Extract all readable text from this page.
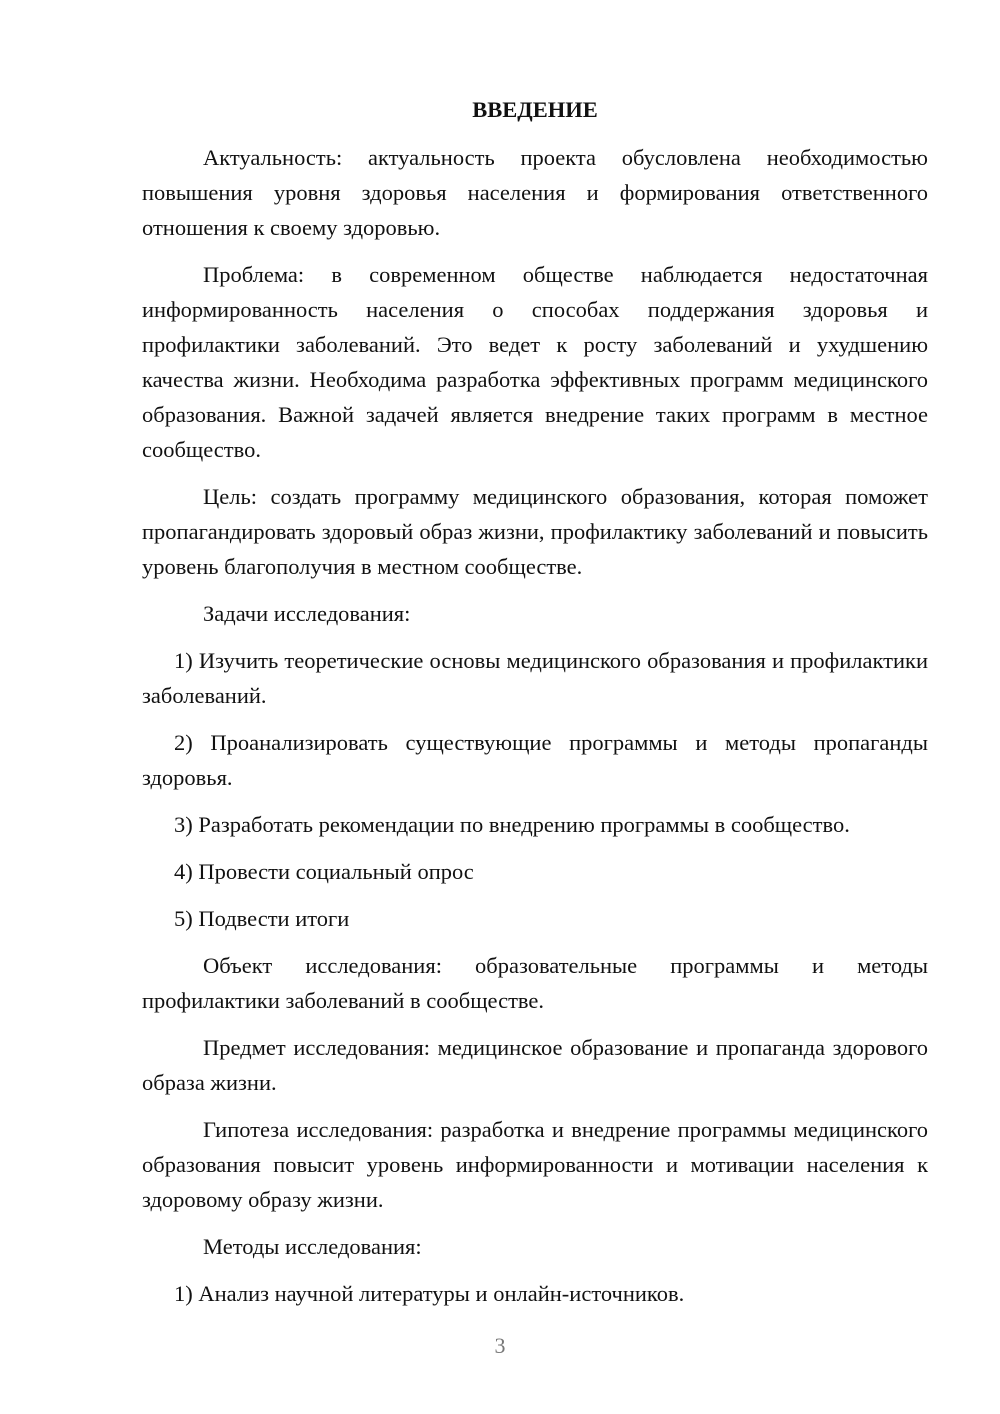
ВВЕДЕНИЕ

Актуальность: актуальность проекта обусловлена необходимостью повышения уровня здоровья населения и формирования ответственного отношения к своему здоровью.

Проблема: в современном обществе наблюдается недостаточная информированность населения о способах поддержания здоровья и профилактики заболеваний. Это ведет к росту заболеваний и ухудшению качества жизни. Необходима разработка эффективных программ медицинского образования. Важной задачей является внедрение таких программ в местное сообщество.

Цель: создать программу медицинского образования, которая поможет пропагандировать здоровый образ жизни, профилактику заболеваний и повысить уровень благополучия в местном сообществе.

Задачи исследования:

1) Изучить теоретические основы медицинского образования и профилактики заболеваний.

2) Проанализировать существующие программы и методы пропаганды здоровья.

3) Разработать рекомендации по внедрению программы в сообщество.

4) Провести социальный опрос

5) Подвести итоги

Объект исследования: образовательные программы и методы профилактики заболеваний в сообществе.

Предмет исследования: медицинское образование и пропаганда здорового образа жизни.

Гипотеза исследования: разработка и внедрение программы медицинского образования повысит уровень информированности и мотивации населения к здоровому образу жизни.

Методы исследования:

1) Анализ научной литературы и онлайн-источников.

3
